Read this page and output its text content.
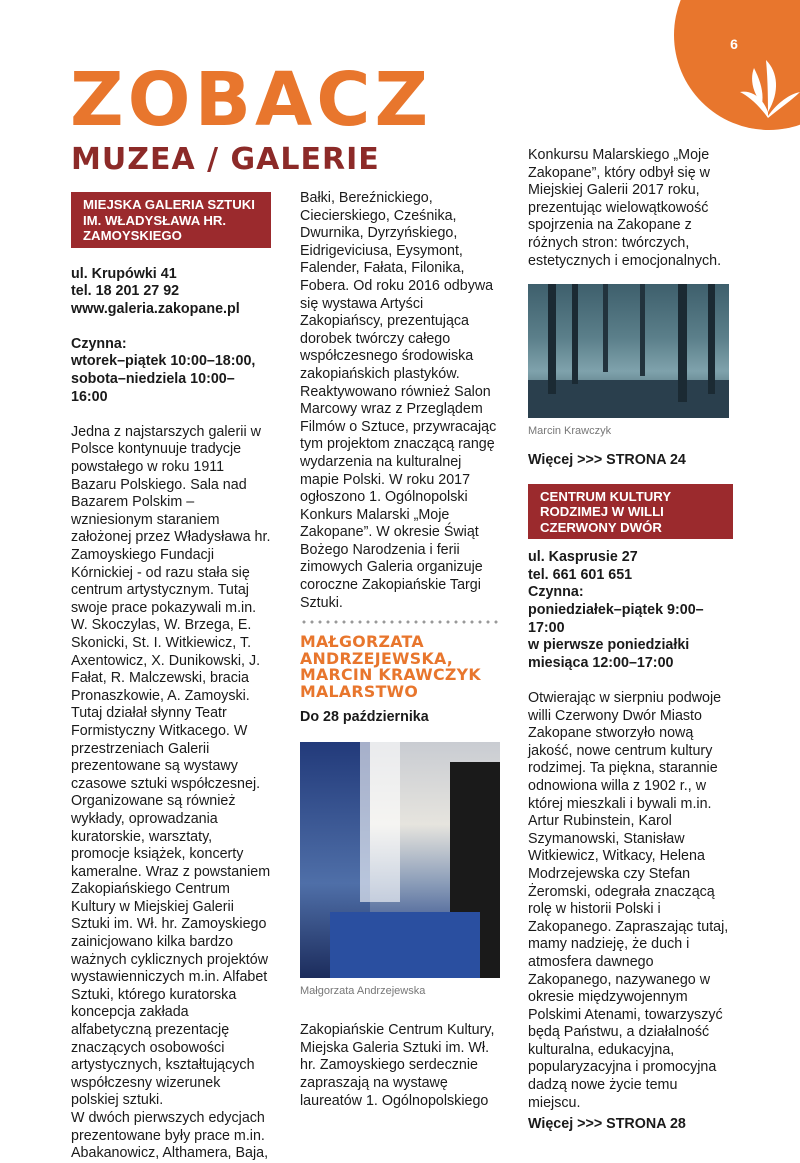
6
ZOBACZ
MUZEA / GALERIE
MIEJSKA GALERIA SZTUKI IM. WŁADYSŁAWA HR. ZAMOYSKIEGO

ul. Krupówki 41

tel. 18 201 27 92

www.galeria.zakopane.pl

Czynna:

wtorek–piątek 10:00–18:00,

sobota–niedziela 10:00–16:00

Jedna z najstarszych galerii w Polsce kontynuuje tradycje powstałego w roku 1911 Bazaru Polskiego. Sala nad Bazarem Polskim – wzniesionym staraniem założonej przez Władysława hr. Zamoyskiego Fundacji Kórnickiej - od razu stała się centrum artystycznym. Tutaj swoje prace pokazywali m.in. W. Skoczylas, W. Brzega, E. Skonicki, St. I. Witkiewicz, T. Axentowicz, X. Dunikowski, J. Fałat, R. Malczewski, bracia Pronaszkowie, A. Zamoyski. Tutaj działał słynny Teatr Formistyczny Witkacego. W przestrzeniach Galerii prezentowane są wystawy czasowe sztuki współczesnej. Organizowane są również wykłady, oprowadzania kuratorskie, warsztaty, promocje książek, koncerty kameralne. Wraz z powstaniem Zakopiańskiego Centrum Kultury w Miejskiej Galerii Sztuki im. Wł. hr. Zamoyskiego zainicjowano kilka bardzo ważnych cyklicznych projektów wystawienniczych m.in. Alfabet Sztuki, którego kuratorska koncepcja zakłada alfabetyczną prezentację znaczących osobowości artystycznych, kształtujących współczesny wizerunek polskiej sztuki.

W dwóch pierwszych edycjach prezentowane były prace m.in. Abakanowicz, Althamera, Baja,

Bałki, Bereźnickiego, Ciecierskiego, Cześnika, Dwurnika, Dyrzyńskiego, Eidrigeviciusa, Eysymont, Falender, Fałata, Filonika, Fobera. Od roku 2016 odbywa się wystawa Artyści Zakopiańscy, prezentująca dorobek twórczy całego współczesnego środowiska zakopiańskich plastyków. Reaktywowano również Salon Marcowy wraz z Przeglądem Filmów o Sztuce, przywracając tym projektom znaczącą rangę wydarzenia na kulturalnej mapie Polski. W roku 2017 ogłoszono 1. Ogólnopolski Konkurs Malarski „Moje Zakopane”. W okresie Świąt Bożego Narodzenia i ferii zimowych Galeria organizuje coroczne Zakopiańskie Targi Sztuki.

MAŁGORZATA ANDRZEJEWSKA, MARCIN KRAWCZYK MALARSTWO

Do 28 października

Małgorzata Andrzejewska

Zakopiańskie Centrum Kultury, Miejska Galeria Sztuki im. Wł. hr. Zamoyskiego serdecznie zapraszają na wystawę laureatów 1. Ogólnopolskiego

Konkursu Malarskiego „Moje Zakopane”, który odbył się w Miejskiej Galerii 2017 roku, prezentując wielowątkowość spojrzenia na Zakopane z różnych stron: twórczych, estetycznych i emocjonalnych.

Marcin Krawczyk

Więcej >>> STRONA 24

CENTRUM KULTURY RODZIMEJ W WILLI CZERWONY DWÓR

ul. Kasprusie 27

tel. 661 601 651

Czynna:

poniedziałek–piątek 9:00–17:00

w pierwsze poniedziałki miesiąca 12:00–17:00

Otwierając w sierpniu podwoje willi Czerwony Dwór Miasto Zakopane stworzyło nową jakość, nowe centrum kultury rodzimej. Ta piękna, starannie odnowiona willa z 1902 r., w której mieszkali i bywali m.in. Artur Rubinstein, Karol Szymanowski, Stanisław Witkiewicz, Witkacy, Helena Modrzejewska czy Stefan Żeromski, odegrała znaczącą rolę w historii Polski i Zakopanego. Zapraszając tutaj, mamy nadzieję, że duch i atmosfera dawnego Zakopanego, nazywanego w okresie międzywojennym Polskimi Atenami, towarzyszyć będą Państwu, a działalność kulturalna, edukacyjna, popularyzacyjna i promocyjna dadzą nowe życie temu miejscu.

Więcej >>> STRONA 28
